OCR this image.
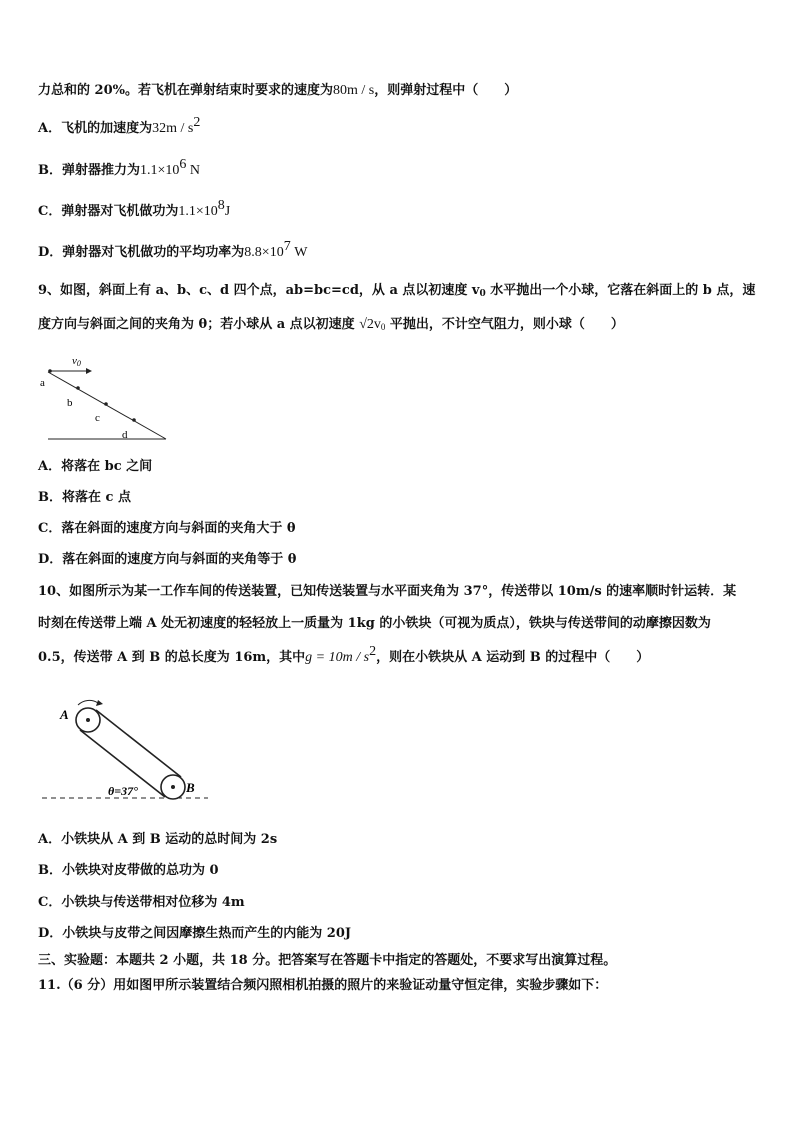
力总和的 20%。若飞机在弹射结束时要求的速度为80m / s，则弹射过程中（　　）
A．飞机的加速度为$32m / s^2$
B．弹射器推力为$1.1\times 10^6$ N
C．弹射器对飞机做功为$1.1\times 10^8J$
D．弹射器对飞机做功的平均功率为$8.8\times 10^7$ W
9、如图，斜面上有 a、b、c、d 四个点，ab=bc=cd，从 a 点以初速度 $v_0$ 水平抛出一个小球，它落在斜面上的 b 点，速
度方向与斜面之间的夹角为 θ；若小球从 a 点以初速度 $√2v_0$ 平抛出，不计空气阻力，则小球（　　）
v0
a
b
c
d
A．将落在 bc 之间
B．将落在 c 点
C．落在斜面的速度方向与斜面的夹角大于 θ
D．落在斜面的速度方向与斜面的夹角等于 θ
10、如图所示为某一工作车间的传送装置，已知传送装置与水平面夹角为 37°，传送带以 10m/s 的速率顺时针运转．某
时刻在传送带上端 A 处无初速度的轻轻放上一质量为 1kg 的小铁块（可视为质点），铁块与传送带间的动摩擦因数为
0.5，传送带 A 到 B 的总长度为 16m，其中$g = 10m / s^2$，则在小铁块从 A 运动到 B 的过程中（　　）
A
B
θ=37°
A．小铁块从 A 到 B 运动的总时间为 2s
B．小铁块对皮带做的总功为 0
C．小铁块与传送带相对位移为 4m
D．小铁块与皮带之间因摩擦生热而产生的内能为 20J
三、实验题：本题共 2 小题，共 18 分。把答案写在答题卡中指定的答题处，不要求写出演算过程。
11.（6 分）用如图甲所示装置结合频闪照相机拍摄的照片的来验证动量守恒定律，实验步骤如下：
